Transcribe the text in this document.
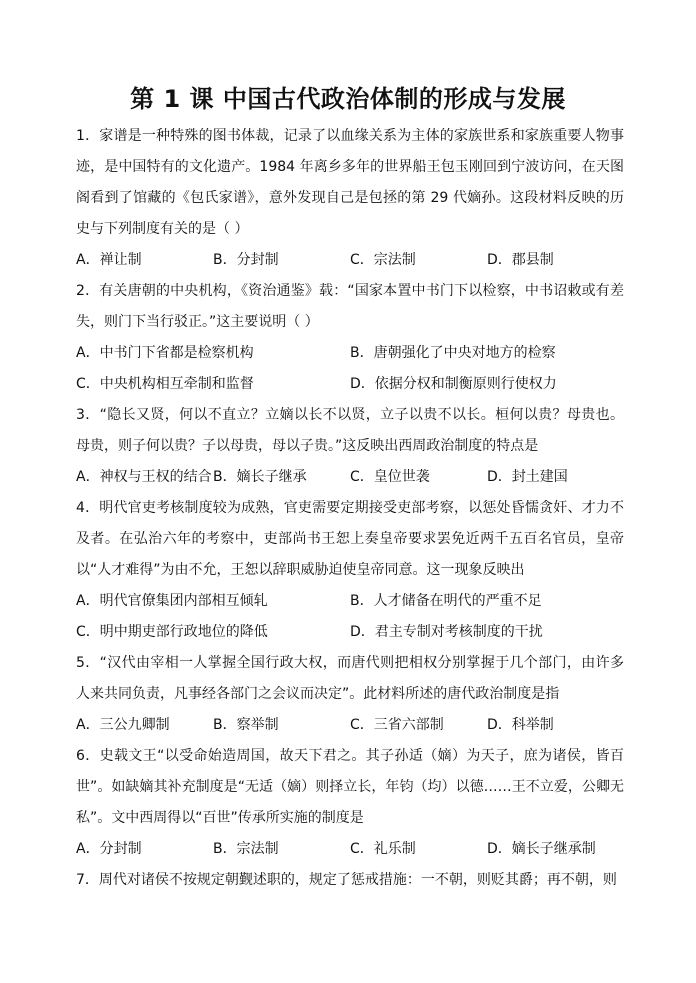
第 1 课 中国古代政治体制的形成与发展

1．家谱是一种特殊的图书体裁，记录了以血缘关系为主体的家族世系和家族重要人物事迹，是中国特有的文化遗产。1984 年离乡多年的世界船王包玉刚回到宁波访问，在天图阁看到了馆藏的《包氏家谱》，意外发现自己是包拯的第 29 代嫡孙。这段材料反映的历史与下列制度有关的是（ ）

A．禅让制	B．分封制	C．宗法制	D．郡县制

2．有关唐朝的中央机构，《资治通鉴》载：“国家本置中书门下以检察，中书诏敕或有差失，则门下当行驳正。”这主要说明（ ）

A．中书门下省都是检察机构	B．唐朝强化了中央对地方的检察
C．中央机构相互牵制和监督	D．依据分权和制衡原则行使权力

3．“隐长又贤，何以不直立？立嫡以长不以贤，立子以贵不以长。桓何以贵？母贵也。母贵，则子何以贵？子以母贵，母以子贵。”这反映出西周政治制度的特点是

A．神权与王权的结合 B．嫡长子继承	C．皇位世袭	D．封土建国

4．明代官吏考核制度较为成熟，官吏需要定期接受吏部考察，以惩处昏懦贪奸、才力不及者。在弘治六年的考察中，吏部尚书王恕上奏皇帝要求罢免近两千五百名官员，皇帝以“人才难得”为由不允，王恕以辞职威胁迫使皇帝同意。这一现象反映出

A．明代官僚集团内部相互倾轧	B．人才储备在明代的严重不足
C．明中期吏部行政地位的降低	D．君主专制对考核制度的干扰

5．“汉代由宰相一人掌握全国行政大权，而唐代则把相权分别掌握于几个部门，由许多人来共同负责，凡事经各部门之会议而决定”。此材料所述的唐代政治制度是指

A．三公九卿制	B．察举制	C．三省六部制	D．科举制

6．史载文王“以受命始造周国，故天下君之。其子孙适（嫡）为天子，庶为诸侯，皆百世”。如缺嫡其补充制度是“无适（嫡）则择立长，年钧（均）以德……王不立爱，公卿无私”。文中西周得以“百世”传承所实施的制度是

A．分封制	B．宗法制	C．礼乐制	D．嫡长子继承制

7．周代对诸侯不按规定朝觐述职的，规定了惩戒措施：一不朝，则贬其爵；再不朝，则
